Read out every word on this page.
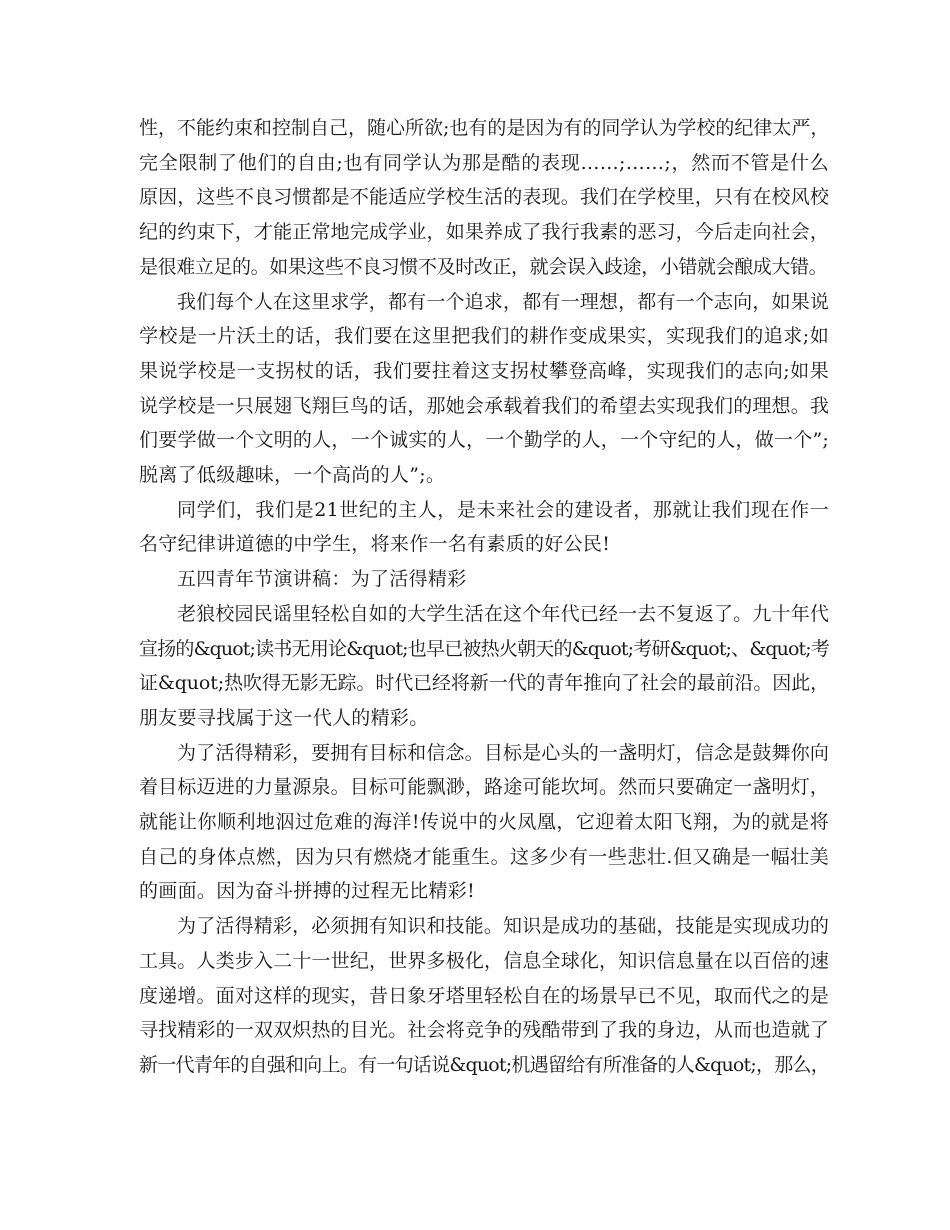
性，不能约束和控制自己，随心所欲;也有的是因为有的同学认为学校的纪律太严，
完全限制了他们的自由;也有同学认为那是酷的表现……;……;，然而不管是什么
原因，这些不良习惯都是不能适应学校生活的表现。我们在学校里，只有在校风校
纪的约束下，才能正常地完成学业，如果养成了我行我素的恶习，今后走向社会，
是很难立足的。如果这些不良习惯不及时改正，就会误入歧途，小错就会酿成大错。
我们每个人在这里求学，都有一个追求，都有一理想，都有一个志向，如果说
学校是一片沃土的话，我们要在这里把我们的耕作变成果实，实现我们的追求;如
果说学校是一支拐杖的话，我们要拄着这支拐杖攀登高峰，实现我们的志向;如果
说学校是一只展翅飞翔巨鸟的话，那她会承载着我们的希望去实现我们的理想。我
们要学做一个文明的人，一个诚实的人，一个勤学的人，一个守纪的人，做一个”;
脱离了低级趣味，一个高尚的人”;。
同学们，我们是21世纪的主人，是未来社会的建设者，那就让我们现在作一
名守纪律讲道德的中学生，将来作一名有素质的好公民!
五四青年节演讲稿：为了活得精彩
老狼校园民谣里轻松自如的大学生活在这个年代已经一去不复返了。九十年代
宣扬的&quot;读书无用论&quot;也早已被热火朝天的&quot;考研&quot;、&quot;考
证&quot;热吹得无影无踪。时代已经将新一代的青年推向了社会的最前沿。因此，
朋友要寻找属于这一代人的精彩。
为了活得精彩，要拥有目标和信念。目标是心头的一盏明灯，信念是鼓舞你向
着目标迈进的力量源泉。目标可能飘渺，路途可能坎坷。然而只要确定一盏明灯，
就能让你顺利地泅过危难的海洋!传说中的火凤凰，它迎着太阳飞翔，为的就是将
自己的身体点燃，因为只有燃烧才能重生。这多少有一些悲壮.但又确是一幅壮美
的画面。因为奋斗拼搏的过程无比精彩!
为了活得精彩，必须拥有知识和技能。知识是成功的基础，技能是实现成功的
工具。人类步入二十一世纪，世界多极化，信息全球化，知识信息量在以百倍的速
度递增。面对这样的现实，昔日象牙塔里轻松自在的场景早已不见，取而代之的是
寻找精彩的一双双炽热的目光。社会将竞争的残酷带到了我的身边，从而也造就了
新一代青年的自强和向上。有一句话说&quot;机遇留给有所准备的人&quot;，那么，
